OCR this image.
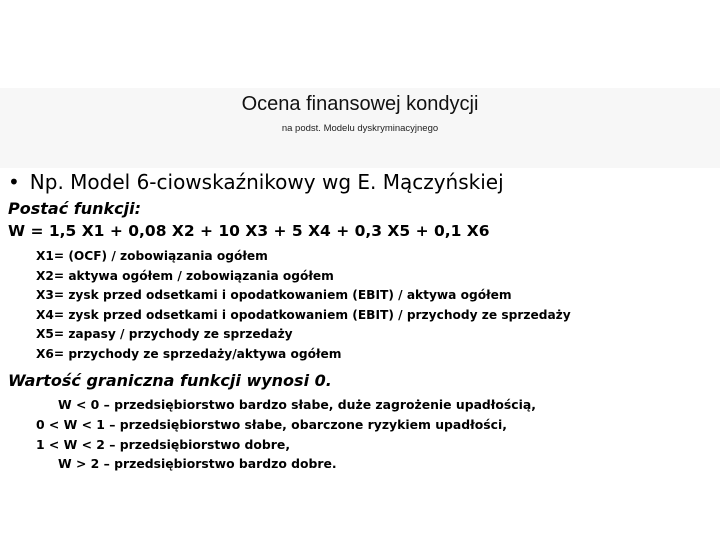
Ocena finansowej kondycji
na podst. Modelu dyskryminacyjnego
• Np. Model 6-ciowskaźnikowy wg E. Mączyńskiej
Postać funkcji:
W = 1,5 X1 + 0,08 X2 + 10 X3 + 5 X4 + 0,3 X5 + 0,1 X6
X1= (OCF) / zobowiązania ogółem
X2= aktywa ogółem / zobowiązania ogółem
X3= zysk przed odsetkami i opodatkowaniem (EBIT) / aktywa ogółem
X4= zysk przed odsetkami i opodatkowaniem (EBIT) / przychody ze sprzedaży
X5= zapasy / przychody ze sprzedaży
X6= przychody ze sprzedaży/aktywa ogółem
Wartość graniczna funkcji wynosi 0.
W < 0 – przedsiębiorstwo bardzo słabe, duże zagrożenie upadłością,
0 < W < 1 – przedsiębiorstwo słabe, obarczone ryzykiem upadłości,
1 < W < 2 – przedsiębiorstwo dobre,
W > 2 – przedsiębiorstwo bardzo dobre.
